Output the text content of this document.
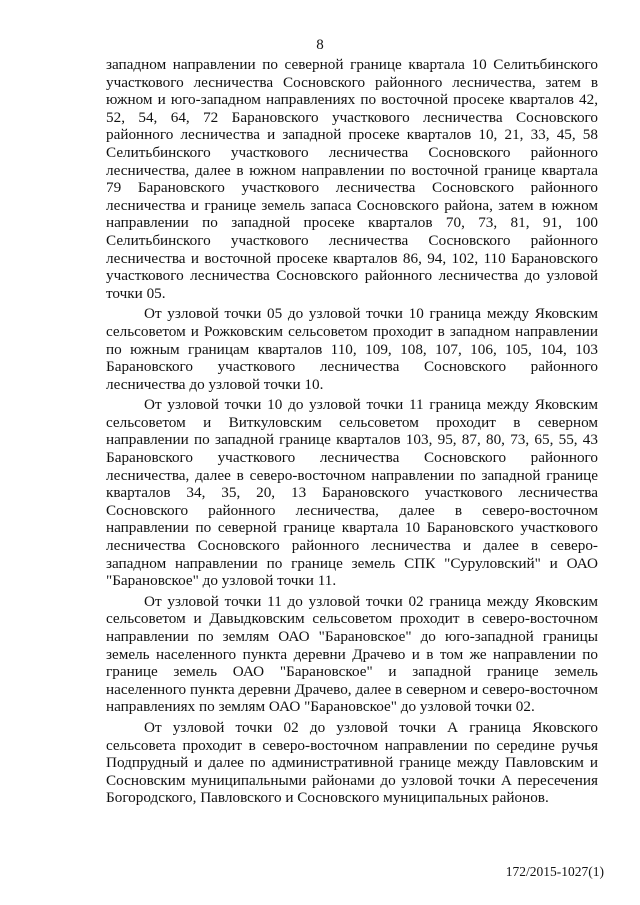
8

западном направлении по северной границе квартала 10 Селитьбинского участкового лесничества Сосновского районного лесничества, затем в южном и юго-западном направлениях по восточной просеке кварталов 42, 52, 54, 64, 72 Барановского участкового лесничества Сосновского районного лесничества и западной просеке кварталов 10, 21, 33, 45, 58 Селитьбинского участкового лесничества Сосновского районного лесничества, далее в южном направлении по восточной границе квартала 79 Барановского участкового лесничества Сосновского районного лесничества и границе земель запаса Сосновского района, затем в южном направлении по западной просеке кварталов 70, 73, 81, 91, 100 Селитьбинского участкового лесничества Сосновского районного лесничества и восточной просеке кварталов 86, 94, 102, 110 Барановского участкового лесничества Сосновского районного лесничества до узловой точки 05.

От узловой точки 05 до узловой точки 10 граница между Яковским сельсоветом и Рожковским сельсоветом проходит в западном направлении по южным границам кварталов 110, 109, 108, 107, 106, 105, 104, 103 Барановского участкового лесничества Сосновского районного лесничества до узловой точки 10.

От узловой точки 10 до узловой точки 11 граница между Яковским сельсоветом и Виткуловским сельсоветом проходит в северном направлении по западной границе кварталов 103, 95, 87, 80, 73, 65, 55, 43 Барановского участкового лесничества Сосновского районного лесничества, далее в северо-восточном направлении по западной границе кварталов 34, 35, 20, 13 Барановского участкового лесничества Сосновского районного лесничества, далее в северо-восточном направлении по северной границе квартала 10 Барановского участкового лесничества Сосновского районного лесничества и далее в северо-западном направлении по границе земель СПК "Суруловский" и ОАО "Барановское" до узловой точки 11.

От узловой точки 11 до узловой точки 02 граница между Яковским сельсоветом и Давыдковским сельсоветом проходит в северо-восточном направлении по землям ОАО "Барановское" до юго-западной границы земель населенного пункта деревни Драчево и в том же направлении по границе земель ОАО "Барановское" и западной границе земель населенного пункта деревни Драчево, далее в северном и северо-восточном направлениях по землям ОАО "Барановское" до узловой точки 02.

От узловой точки 02 до узловой точки А граница Яковского сельсовета проходит в северо-восточном направлении по середине ручья Подпрудный и далее по административной границе между Павловским и Сосновским муниципальными районами до узловой точки А пересечения Богородского, Павловского и Сосновского муниципальных районов.

172/2015-1027(1)
